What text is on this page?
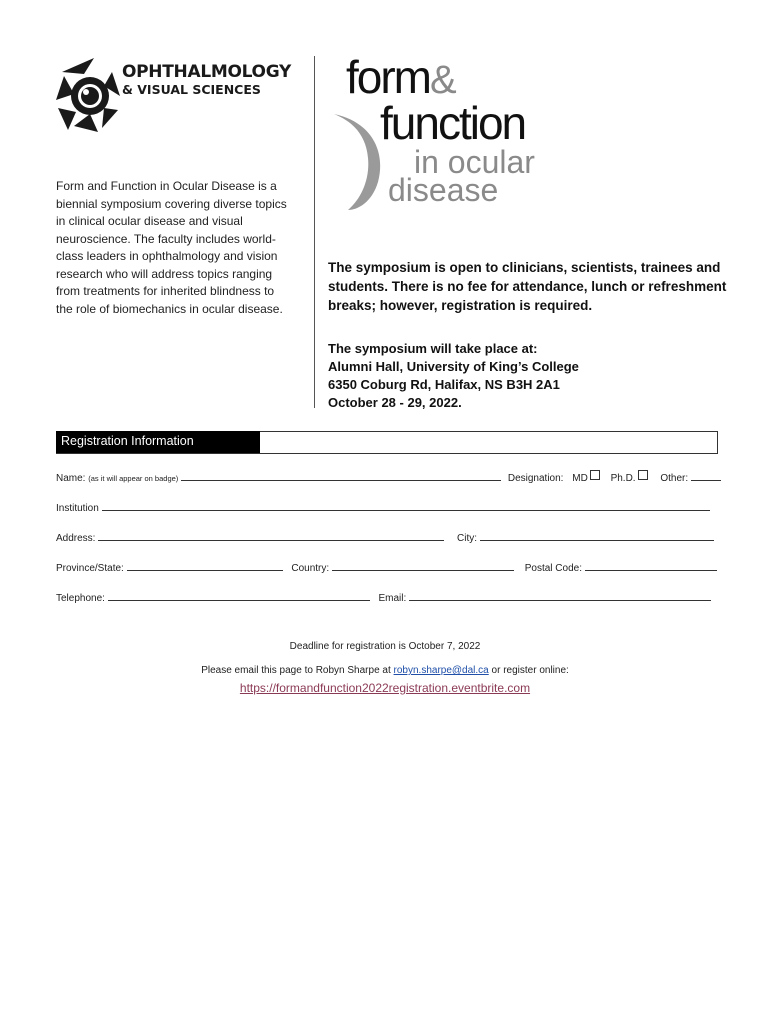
OPHTHALMOLOGY
& VISUAL SCIENCES form&
function
in ocular
disease
Form and Function in Ocular Disease is a biennial symposium covering diverse topics in clinical ocular disease and visual neuroscience. The faculty includes world-class leaders in ophthalmology and vision research who will address topics ranging from treatments for inherited blindness to the role of biomechanics in ocular disease.
The symposium is open to clinicians, scientists, trainees and students. There is no fee for attendance, lunch or refreshment breaks; however, registration is required.
The symposium will take place at:
Alumni Hall, University of King’s College
6350 Coburg Rd, Halifax, NS B3H 2A1
October 28 - 29, 2022.
Registration Information
Name: (as it will appear on badge)	Designation: MD Ph.D. Other:
Institution
Address:	City:
Province/State:	Country:	Postal Code:
Telephone:	Email:
Deadline for registration is October 7, 2022
Please email this page to Robyn Sharpe at robyn.sharpe@dal.ca or register online:
https://formandfunction2022registration.eventbrite.com
